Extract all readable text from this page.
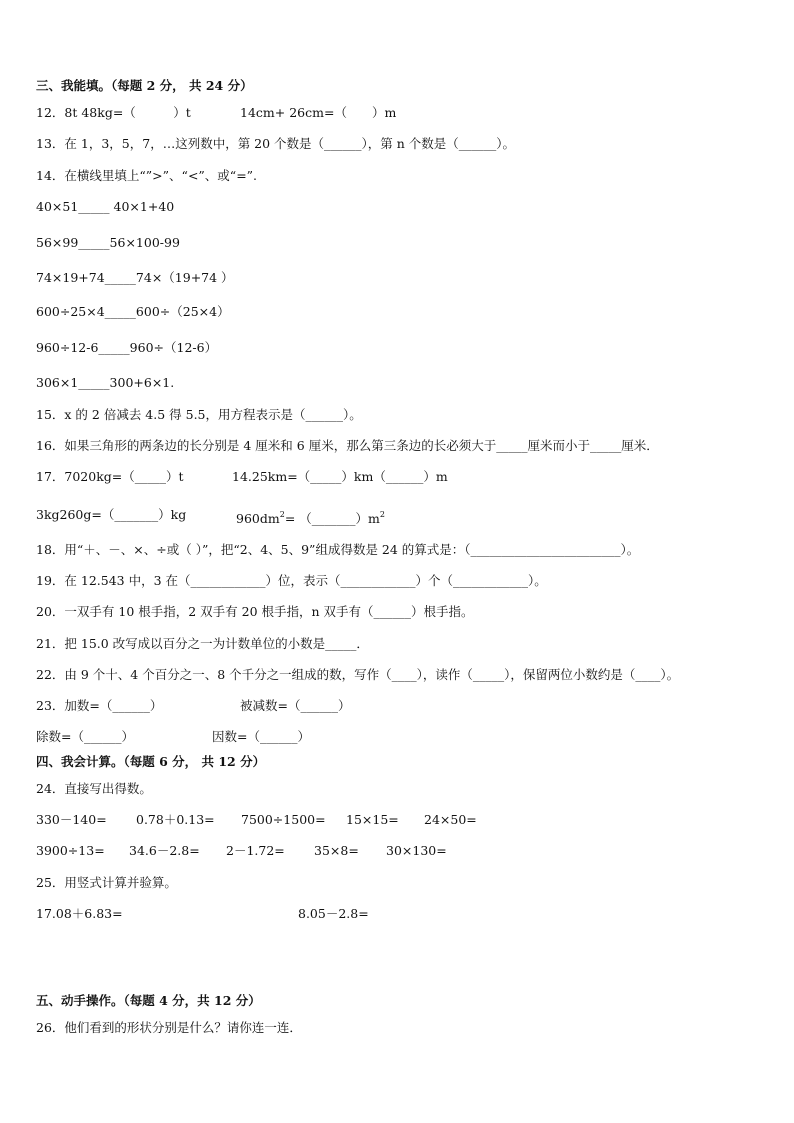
三、我能填。（每题 2 分， 共 24 分）
12．8t 48kg=（　　　）t	14cm+ 26cm=（　　）m
13．在 1，3，5，7，…这列数中，第 20 个数是（______），第 n 个数是（______）。
14．在横线里填上“”>”、“<”、或“=”.
40×51_____ 40×1+40
56×99_____56×100-99
74×19+74_____74×（19+74 ）
600÷25×4_____600÷（25×4）
960÷12-6_____960÷（12-6）
306×1_____300+6×1.
15．x 的 2 倍减去 4.5 得 5.5，用方程表示是（______）。
16．如果三角形的两条边的长分别是 4 厘米和 6 厘米，那么第三条边的长必须大于_____厘米而小于_____厘米．
17．7020kg=（_____）t	14.25km=（_____）km（______）m
3kg260g=（_______）kg	$960dm^2=$ $(\_\_\_\_\_\_\_)m^2$
18．用“＋、－、×、÷或（ ）”，把“2、4、5、9”组成得数是 24 的算式是：（________________________）。
19．在 12.543 中，3 在（____________）位，表示（____________）个（____________）。
20．一双手有 10 根手指，2 双手有 20 根手指，n 双手有（______）根手指。
21．把 15.0 改写成以百分之一为计数单位的小数是_____．
22．由 9 个十、4 个百分之一、8 个千分之一组成的数，写作（____），读作（_____），保留两位小数约是（____）。
23．加数=（______）	被减数=（______）
除数=（______）	因数=（______）
四、我会计算。（每题 6 分， 共 12 分）
24．直接写出得数。
330－140= 0.78＋0.13= 7500÷1500= 15×15= 24×50=
3900÷13= 34.6－2.8= 2－1.72= 35×8= 30×130=
25．用竖式计算并验算。
17.08＋6.83=	8.05－2.8=
五、动手操作。（每题 4 分，共 12 分）
26．他们看到的形状分别是什么？请你连一连．
